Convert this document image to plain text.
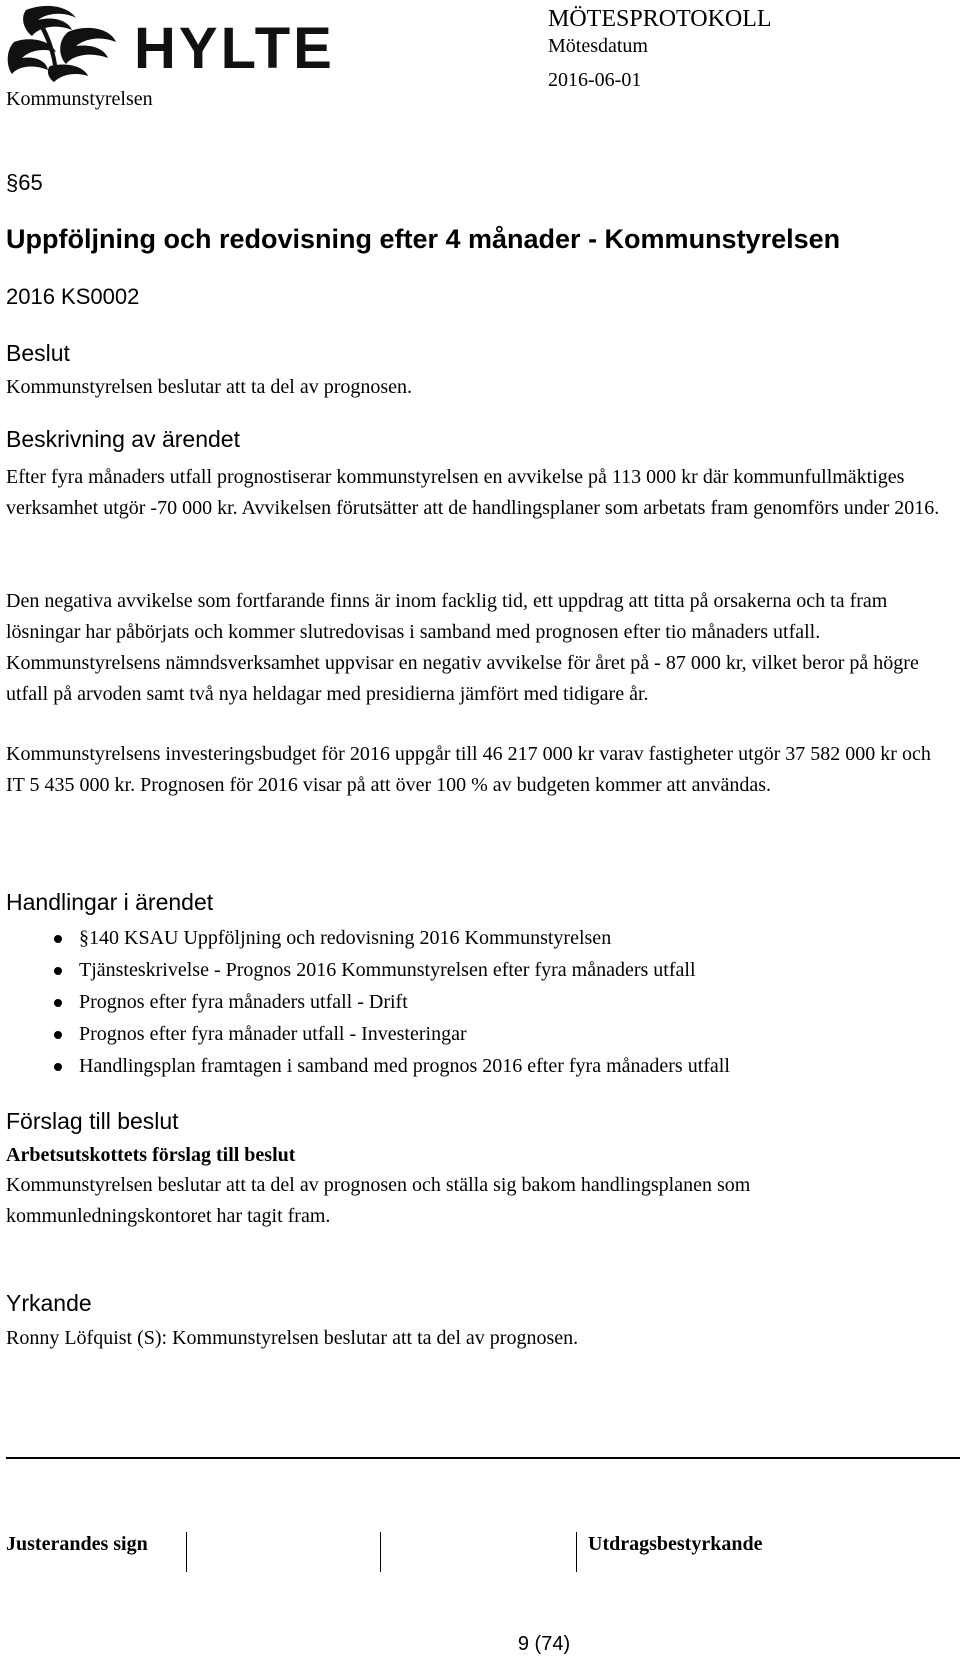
HYLTE
Kommunstyrelsen
MÖTESPROTOKOLL
Mötesdatum
2016-06-01
§65
Uppföljning och redovisning efter 4 månader - Kommunstyrelsen
2016 KS0002
Beslut

Kommunstyrelsen beslutar att ta del av prognosen.

Beskrivning av ärendet

Efter fyra månaders utfall prognostiserar kommunstyrelsen en avvikelse på 113 000 kr där kommunfullmäktiges verksamhet utgör -70 000 kr. Avvikelsen förutsätter att de handlingsplaner som arbetats fram genomförs under 2016.

Den negativa avvikelse som fortfarande finns är inom facklig tid, ett uppdrag att titta på orsakerna och ta fram lösningar har påbörjats och kommer slutredovisas i samband med prognosen efter tio månaders utfall. Kommunstyrelsens nämndsverksamhet uppvisar en negativ avvikelse för året på - 87 000 kr, vilket beror på högre utfall på arvoden samt två nya heldagar med presidierna jämfört med tidigare år.

Kommunstyrelsens investeringsbudget för 2016 uppgår till 46 217 000 kr varav fastigheter utgör 37 582 000 kr och IT 5 435 000 kr. Prognosen för 2016 visar på att över 100 % av budgeten kommer att användas.

Handlingar i ärendet
§140 KSAU Uppföljning och redovisning 2016 Kommunstyrelsen
Tjänsteskrivelse - Prognos 2016 Kommunstyrelsen efter fyra månaders utfall
Prognos efter fyra månaders utfall - Drift
Prognos efter fyra månader utfall - Investeringar
Handlingsplan framtagen i samband med prognos 2016 efter fyra månaders utfall
Förslag till beslut

Arbetsutskottets förslag till beslut

Kommunstyrelsen beslutar att ta del av prognosen och ställa sig bakom handlingsplanen som kommunledningskontoret har tagit fram.

Yrkande

Ronny Löfquist (S): Kommunstyrelsen beslutar att ta del av prognosen.

Justerandes sign	Utdragsbestyrkande
9 (74)
